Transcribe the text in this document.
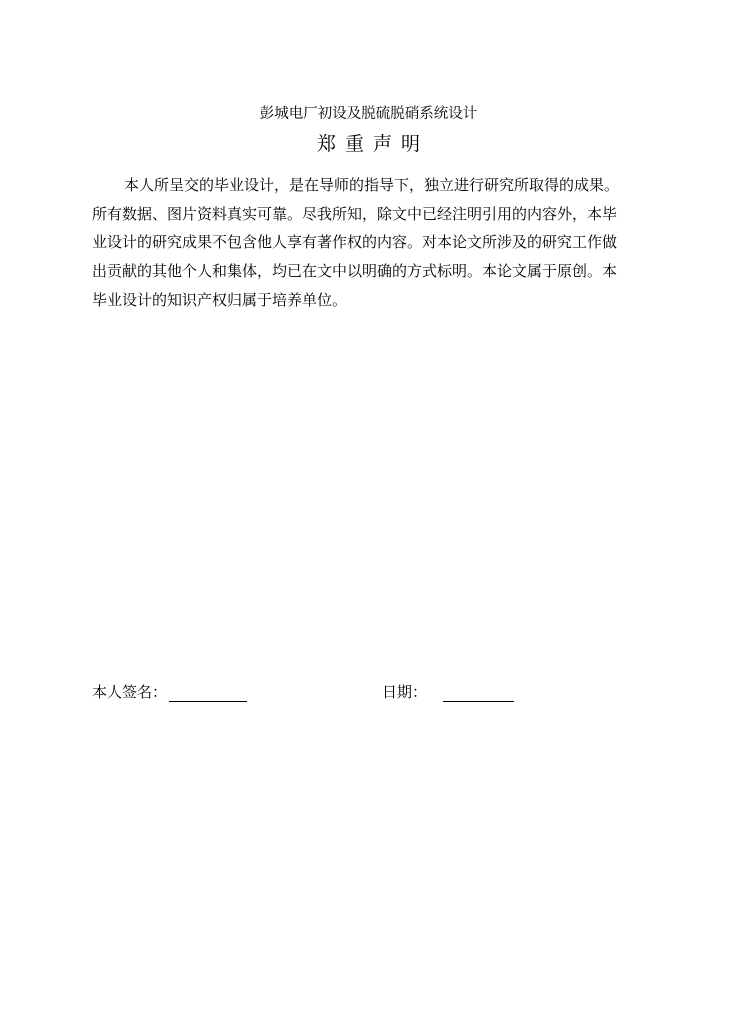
彭城电厂初设及脱硫脱硝系统设计
郑重声明
本人所呈交的毕业设计，是在导师的指导下，独立进行研究所取得的成果。
所有数据、图片资料真实可靠。尽我所知，除文中已经注明引用的内容外，本毕
业设计的研究成果不包含他人享有著作权的内容。对本论文所涉及的研究工作做
出贡献的其他个人和集体，均已在文中以明确的方式标明。本论文属于原创。本
毕业设计的知识产权归属于培养单位。
本人签名：	日期：
